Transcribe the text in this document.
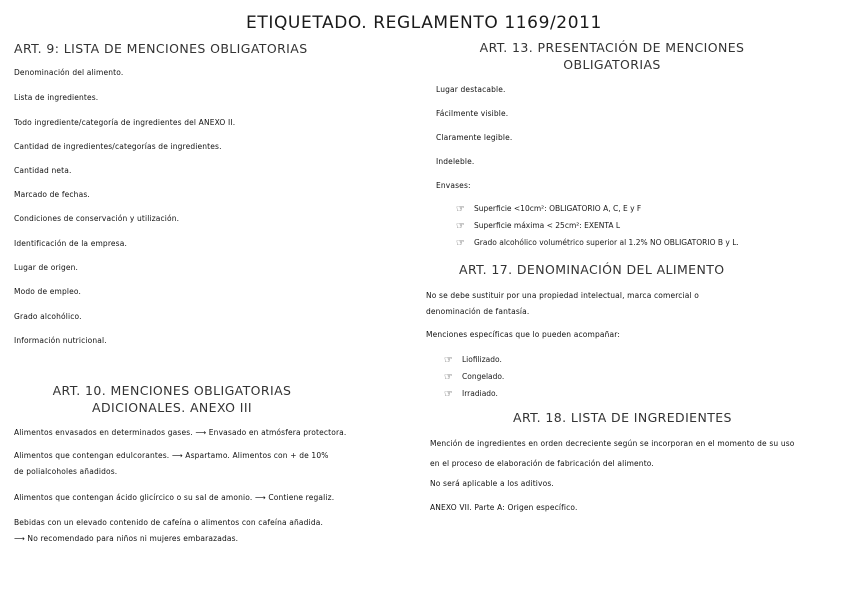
ETIQUETADO. REGLAMENTO 1169/2011
ART. 9: LISTA DE MENCIONES OBLIGATORIAS
Denominación del alimento.
Lista de ingredientes.
Todo ingrediente/categoría de ingredientes del ANEXO II.
Cantidad de ingredientes/categorías de ingredientes.
Cantidad neta.
Marcado de fechas.
Condiciones de conservación y utilización.
Identificación de la empresa.
Lugar de origen.
Modo de empleo.
Grado alcohólico.
Información nutricional.
ART. 10. MENCIONES OBLIGATORIAS
ADICIONALES. ANEXO III
Alimentos envasados en determinados gases. ⟶ Envasado en atmósfera protectora.
Alimentos que contengan edulcorantes. ⟶ Aspartamo. Alimentos con + de 10% de polialcoholes añadidos.
Alimentos que contengan ácido glicírcico o su sal de amonio. ⟶ Contiene regaliz.
Bebidas con un elevado contenido de cafeína o alimentos con cafeína añadida. ⟶ No recomendado para niños ni mujeres embarazadas.
ART. 13. PRESENTACIÓN DE MENCIONES
OBLIGATORIAS
Lugar destacable.
Fácilmente visible.
Claramente legible.
Indeleble.
Envases:
☞ Superficie <10cm²: OBLIGATORIO A, C, E y F
☞ Superficie máxima < 25cm²: EXENTA L
☞ Grado alcohólico volumétrico superior al 1.2% NO OBLIGATORIO B y L.
ART. 17. DENOMINACIÓN DEL ALIMENTO
No se debe sustituir por una propiedad intelectual, marca comercial o denominación de fantasía.
Menciones específicas que lo pueden acompañar:
☞ Liofilizado.
☞ Congelado.
☞ Irradiado.
ART. 18. LISTA DE INGREDIENTES
Mención de ingredientes en orden decreciente según se incorporan en el momento de su uso en el proceso de elaboración de fabricación del alimento.
No será aplicable a los aditivos.
ANEXO VII. Parte A: Origen específico.
